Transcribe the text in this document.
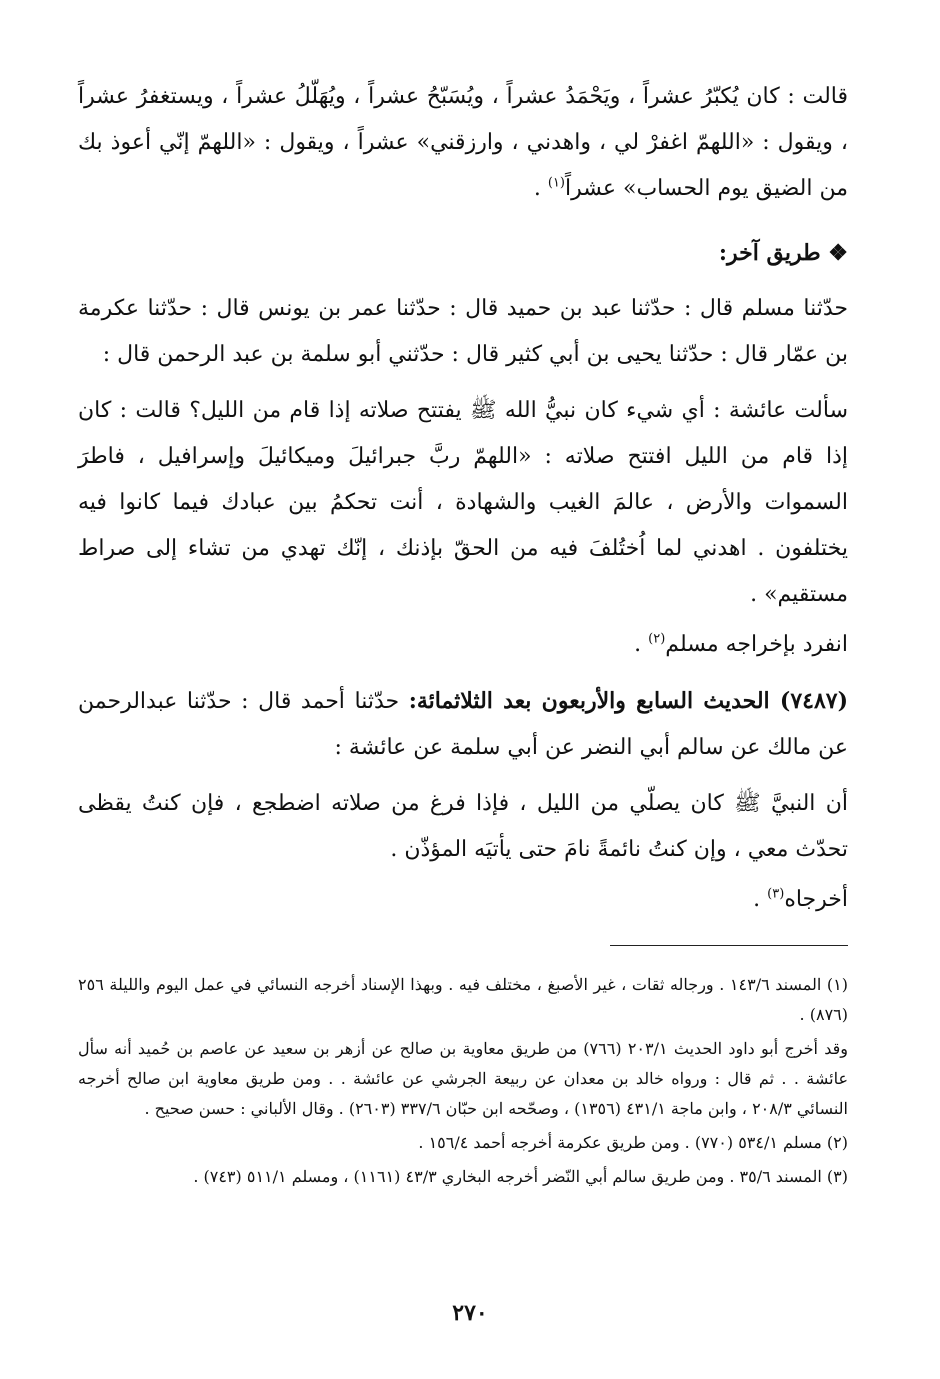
قالت : كان يُكبّرُ عشراً ، ويَحْمَدُ عشراً ، ويُسَبّحُ عشراً ، ويُهَلّلُ عشراً ، ويستغفرُ عشراً ، ويقول : «اللهمّ اغفرْ لي ، واهدني ، وارزقني» عشراً ، ويقول : «اللهمّ إنّي أعوذ بك من الضيق يوم الحساب» عشراً$^{(١)}$ .

❖ طريق آخر:

حدّثنا مسلم قال : حدّثنا عبد بن حميد قال : حدّثنا عمر بن يونس قال : حدّثنا عكرمة بن عمّار قال : حدّثنا يحيى بن أبي كثير قال : حدّثني أبو سلمة بن عبد الرحمن قال :

سألت عائشة : أي شيء كان نبيُّ الله ﷺ يفتتح صلاته إذا قام من الليل؟ قالت : كان إذا قام من الليل افتتح صلاته : «اللهمّ ربَّ جبرائيلَ وميكائيلَ وإسرافيل ، فاطرَ السموات والأرض ، عالمَ الغيب والشهادة ، أنت تحكمُ بين عبادك فيما كانوا فيه يختلفون . اهدني لما اُختُلفَ فيه من الحقّ بإذنك ، إنّك تهدي من تشاء إلى صراط مستقيم» .

انفرد بإخراجه مسلم$^{(٢)}$ .

(٧٤٨٧) الحديث السابع والأربعون بعد الثلاثمائة: حدّثنا أحمد قال : حدّثنا عبدالرحمن عن مالك عن سالم أبي النضر عن أبي سلمة عن عائشة :

أن النبيَّ ﷺ كان يصلّي من الليل ، فإذا فرغ من صلاته اضطجع ، فإن كنتُ يقظى تحدّث معي ، وإن كنتُ نائمةً نامَ حتى يأتيَه المؤذّن .

أخرجاه$^{(٣)}$ .

(١) المسند ١٤٣/٦ . ورجاله ثقات ، غير الأصبغ ، مختلف فيه . وبهذا الإسناد أخرجه النسائي في عمل اليوم والليلة ٢٥٦ (٨٧٦) .

وقد أخرج أبو داود الحديث ٢٠٣/١ (٧٦٦) من طريق معاوية بن صالح عن أزهر بن سعيد عن عاصم بن حُميد أنه سأل عائشة . . ثم قال : ورواه خالد بن معدان عن ربيعة الجرشي عن عائشة . . ومن طريق معاوية ابن صالح أخرجه النسائي ٢٠٨/٣ ، وابن ماجة ٤٣١/١ (١٣٥٦) ، وصحّحه ابن حبّان ٣٣٧/٦ (٢٦٠٣) . وقال الألباني : حسن صحيح .

(٢) مسلم ٥٣٤/١ (٧٧٠) . ومن طريق عكرمة أخرجه أحمد ١٥٦/٤ .

(٣) المسند ٣٥/٦ . ومن طريق سالم أبي النّضر أخرجه البخاري ٤٣/٣ (١١٦١) ، ومسلم ٥١١/١ (٧٤٣) .

٢٧٠
